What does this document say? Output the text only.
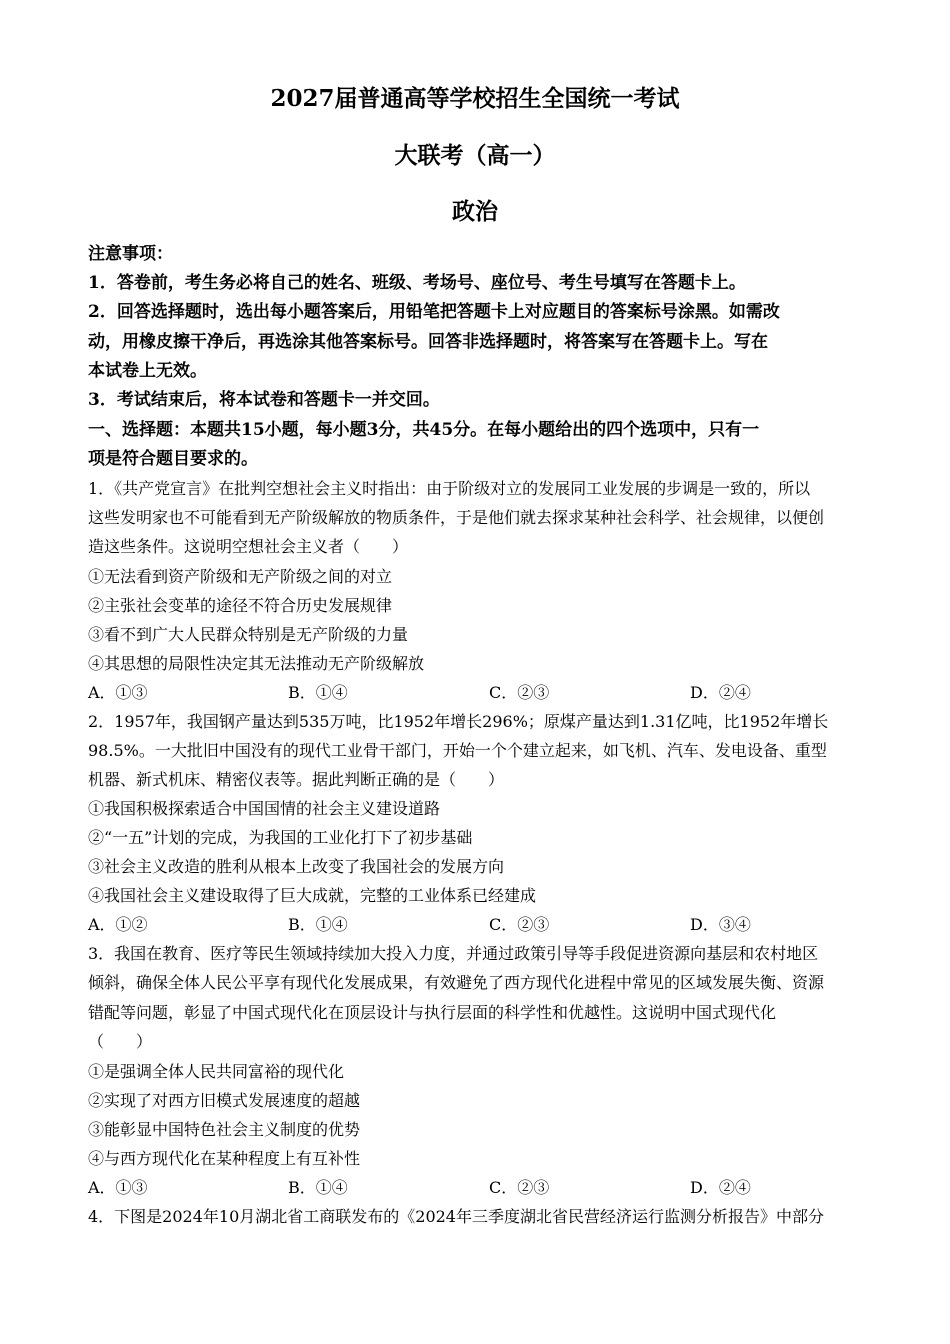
2027届普通高等学校招生全国统一考试
大联考（高一）
政治
注意事项：
1．答卷前，考生务必将自己的姓名、班级、考场号、座位号、考生号填写在答题卡上。
2．回答选择题时，选出每小题答案后，用铅笔把答题卡上对应题目的答案标号涂黑。如需改
动，用橡皮擦干净后，再选涂其他答案标号。回答非选择题时，将答案写在答题卡上。写在
本试卷上无效。
3．考试结束后，将本试卷和答题卡一并交回。
一、选择题：本题共15小题，每小题3分，共45分。在每小题给出的四个选项中，只有一
项是符合题目要求的。
1．《共产党宣言》在批判空想社会主义时指出：由于阶级对立的发展同工业发展的步调是一致的，所以
这些发明家也不可能看到无产阶级解放的物质条件，于是他们就去探求某种社会科学、社会规律，以便创
造这些条件。这说明空想社会主义者（　　）
①无法看到资产阶级和无产阶级之间的对立
②主张社会变革的途径不符合历史发展规律
③看不到广大人民群众特别是无产阶级的力量
④其思想的局限性决定其无法推动无产阶级解放
A．①③	B．①④	C．②③	D．②④
2．1957年，我国钢产量达到535万吨，比1952年增长296%；原煤产量达到1.31亿吨，比1952年增长
98.5%。一大批旧中国没有的现代工业骨干部门，开始一个个建立起来，如飞机、汽车、发电设备、重型
机器、新式机床、精密仪表等。据此判断正确的是（　　）
①我国积极探索适合中国国情的社会主义建设道路
②“一五”计划的完成，为我国的工业化打下了初步基础
③社会主义改造的胜利从根本上改变了我国社会的发展方向
④我国社会主义建设取得了巨大成就，完整的工业体系已经建成
A．①②	B．①④	C．②③	D．③④
3．我国在教育、医疗等民生领域持续加大投入力度，并通过政策引导等手段促进资源向基层和农村地区
倾斜，确保全体人民公平享有现代化发展成果，有效避免了西方现代化进程中常见的区域发展失衡、资源
错配等问题，彰显了中国式现代化在顶层设计与执行层面的科学性和优越性。这说明中国式现代化
（　　）
①是强调全体人民共同富裕的现代化
②实现了对西方旧模式发展速度的超越
③能彰显中国特色社会主义制度的优势
④与西方现代化在某种程度上有互补性
A．①③	B．①④	C．②③	D．②④
4．下图是2024年10月湖北省工商联发布的《2024年三季度湖北省民营经济运行监测分析报告》中部分
